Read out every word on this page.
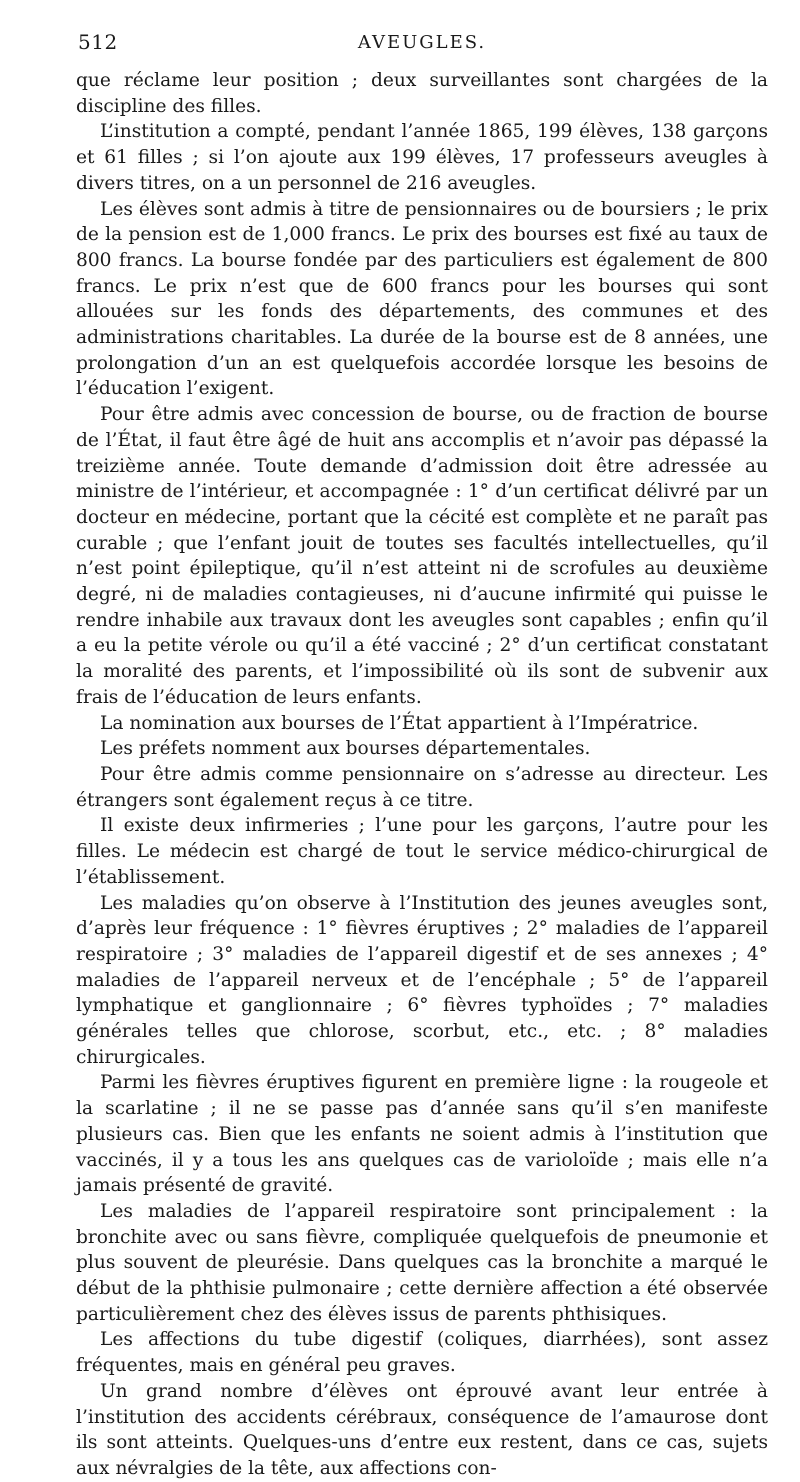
512	AVEUGLES.

que réclame leur position ; deux surveillantes sont chargées de la discipline des filles.

L’institution a compté, pendant l’année 1865, 199 élèves, 138 garçons et 61 filles ; si l’on ajoute aux 199 élèves, 17 professeurs aveugles à divers titres, on a un personnel de 216 aveugles.

Les élèves sont admis à titre de pensionnaires ou de boursiers ; le prix de la pension est de 1,000 francs. Le prix des bourses est fixé au taux de 800 francs. La bourse fondée par des particuliers est également de 800 francs. Le prix n’est que de 600 francs pour les bourses qui sont allouées sur les fonds des départements, des communes et des administrations charitables. La durée de la bourse est de 8 années, une prolongation d’un an est quelquefois accordée lorsque les besoins de l’éducation l’exigent.

Pour être admis avec concession de bourse, ou de fraction de bourse de l’État, il faut être âgé de huit ans accomplis et n’avoir pas dépassé la treizième année. Toute demande d’admission doit être adressée au ministre de l’intérieur, et accompagnée : 1° d’un certificat délivré par un docteur en médecine, portant que la cécité est complète et ne paraît pas curable ; que l’enfant jouit de toutes ses facultés intellectuelles, qu’il n’est point épileptique, qu’il n’est atteint ni de scrofules au deuxième degré, ni de maladies contagieuses, ni d’aucune infirmité qui puisse le rendre inhabile aux travaux dont les aveugles sont capables ; enfin qu’il a eu la petite vérole ou qu’il a été vacciné ; 2° d’un certificat constatant la moralité des parents, et l’impossibilité où ils sont de subvenir aux frais de l’éducation de leurs enfants.

La nomination aux bourses de l’État appartient à l’Impératrice.

Les préfets nomment aux bourses départementales.

Pour être admis comme pensionnaire on s’adresse au directeur. Les étrangers sont également reçus à ce titre.

Il existe deux infirmeries ; l’une pour les garçons, l’autre pour les filles. Le médecin est chargé de tout le service médico-chirurgical de l’établissement.

Les maladies qu’on observe à l’Institution des jeunes aveugles sont, d’après leur fréquence : 1° fièvres éruptives ; 2° maladies de l’appareil respiratoire ; 3° maladies de l’appareil digestif et de ses annexes ; 4° maladies de l’appareil nerveux et de l’encéphale ; 5° de l’appareil lymphatique et ganglionnaire ; 6° fièvres typhoïdes ; 7° maladies générales telles que chlorose, scorbut, etc., etc. ; 8° maladies chirurgicales.

Parmi les fièvres éruptives figurent en première ligne : la rougeole et la scarlatine ; il ne se passe pas d’année sans qu’il s’en manifeste plusieurs cas. Bien que les enfants ne soient admis à l’institution que vaccinés, il y a tous les ans quelques cas de varioloïde ; mais elle n’a jamais présenté de gravité.

Les maladies de l’appareil respiratoire sont principalement : la bronchite avec ou sans fièvre, compliquée quelquefois de pneumonie et plus souvent de pleurésie. Dans quelques cas la bronchite a marqué le début de la phthisie pulmonaire ; cette dernière affection a été observée particulièrement chez des élèves issus de parents phthisiques.

Les affections du tube digestif (coliques, diarrhées), sont assez fréquentes, mais en général peu graves.

Un grand nombre d’élèves ont éprouvé avant leur entrée à l’institution des accidents cérébraux, conséquence de l’amaurose dont ils sont atteints. Quelques-uns d’entre eux restent, dans ce cas, sujets aux névralgies de la tête, aux affections con-
